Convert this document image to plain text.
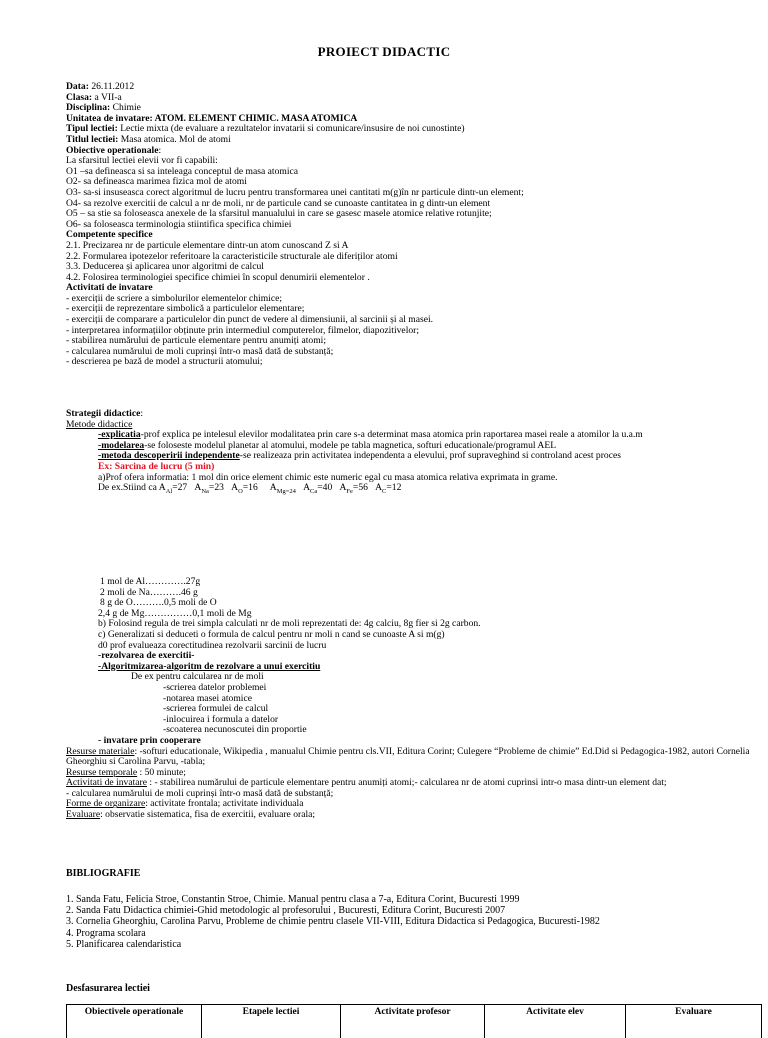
PROIECT DIDACTIC
Data: 26.11.2012
Clasa: a VII-a
Disciplina: Chimie
Unitatea de invatare: ATOM. ELEMENT CHIMIC. MASA ATOMICA
Tipul lectiei: Lectie mixta (de evaluare a rezultatelor invatarii si comunicare/insusire de noi cunostinte)
Titlul lectiei: Masa atomica. Mol de atomi
Obiective operationale:
La sfarsitul lectiei elevii vor fi capabili:
O1 –sa defineasca si sa inteleaga conceptul de masa atomica
O2- sa defineasca marimea fizica mol de atomi
O3- sa-si insuseasca corect algoritmul de lucru pentru transformarea unei cantitati m(g)în nr particule dintr-un element;
O4- sa rezolve exercitii de calcul a nr de moli, nr de particule cand se cunoaste cantitatea in g dintr-un element
O5 – sa stie sa foloseasca anexele de la sfarsitul manualului in care se gasesc masele atomice relative rotunjite;
O6- sa foloseasca terminologia stiintifica specifica chimiei
Competente specifice
2.1. Precizarea nr de particule elementare dintr-un atom cunoscand Z si A
2.2. Formularea ipotezelor referitoare la caracteristicile structurale ale diferiților atomi
3.3. Deducerea și aplicarea unor algoritmi de calcul
4.2. Folosirea terminologiei specifice chimiei în scopul denumirii elementelor .
Activitati de invatare
- exerciții de scriere a simbolurilor elementelor chimice;
- exerciții de reprezentare simbolică a particulelor elementare;
- exerciții de comparare a particulelor din punct de vedere al dimensiunii, al sarcinii și al masei.
- interpretarea informațiilor obținute prin intermediul computerelor, filmelor, diapozitivelor;
- stabilirea numărului de particule elementare pentru anumiți atomi;
- calcularea numărului de moli cuprinși într-o masă dată de substanță;
- descrierea pe bază de model a structurii atomului;
Strategii didactice:
Metode didactice
-explicatia-prof explica pe intelesul elevilor modalitatea prin care s-a determinat masa atomica prin raportarea masei reale a atomilor la u.a.m
-modelarea-se foloseste modelul planetar al atomului, modele pe tabla magnetica, softuri educationale/programul AEL
-metoda descoperirii independente-se realizeaza prin activitatea independenta a elevului, prof supraveghind si controland acest proces
Ex: Sarcina de lucru (5 min)
a)Prof ofera informatia: 1 mol din orice element chimic este numeric egal cu masa atomica relativa exprimata in grame.
De ex.Stiind ca $A_{Al}=27$   $A_{Na}=23$   $A_O=16$     $A_{Mg=24}$   $A_{Ca}=40$   $A_{Fe}=56$   $A_C=12$
1 mol de Al………….27g
2 moli de Na……….46 g
8 g de O……….0,5 moli de O
2,4 g de Mg……………0,1 moli de Mg
b) Folosind regula de trei simpla calculati nr de moli reprezentati de: 4g calciu, 8g fier si 2g carbon.
c) Generalizati si deduceti o formula de calcul pentru nr moli n cand se cunoaste A si m(g)
d0 prof evalueaza corectitudinea rezolvarii sarcinii de lucru
-rezolvarea de exercitii-
-Algoritmizarea-algoritm de rezolvare a unui exercitiu
De ex pentru calcularea nr de moli
-scrierea datelor problemei
-notarea masei atomice
-scrierea formulei de calcul
-inlocuirea i formula a datelor
-scoaterea necunoscutei din proportie
- invatare prin cooperare
Resurse materiale: -softuri educationale, Wikipedia , manualul Chimie pentru cls.VII, Editura Corint; Culegere “Probleme de chimie” Ed.Did si Pedagogica-1982, autori Cornelia Gheorghiu si Carolina Parvu, -tabla;
Resurse temporale : 50 minute;
Activitati de invatare : - stabilirea numărului de particule elementare pentru anumiți atomi;- calcularea nr de atomi cuprinsi intr-o masa dintr-un element dat;
- calcularea numărului de moli cuprinși într-o masă dată de substanță;
Forme de organizare: activitate frontala; activitate individuala
Evaluare: observatie sistematica, fisa de exercitii, evaluare orala;
BIBLIOGRAFIE
1. Sanda Fatu, Felicia Stroe, Constantin Stroe, Chimie. Manual pentru clasa a 7-a, Editura Corint, Bucuresti 1999
2. Sanda Fatu Didactica chimiei-Ghid metodologic al profesorului , Bucuresti, Editura Corint, Bucuresti 2007
3. Cornelia Gheorghiu, Carolina Parvu, Probleme de chimie pentru clasele VII-VIII, Editura Didactica si Pedagogica, Bucuresti-1982
4. Programa scolara
5. Planificarea calendaristica
Desfasurarea lectiei
Obiectivele operationale	Etapele lectiei	Activitate profesor	Activitate elev	Evaluare
